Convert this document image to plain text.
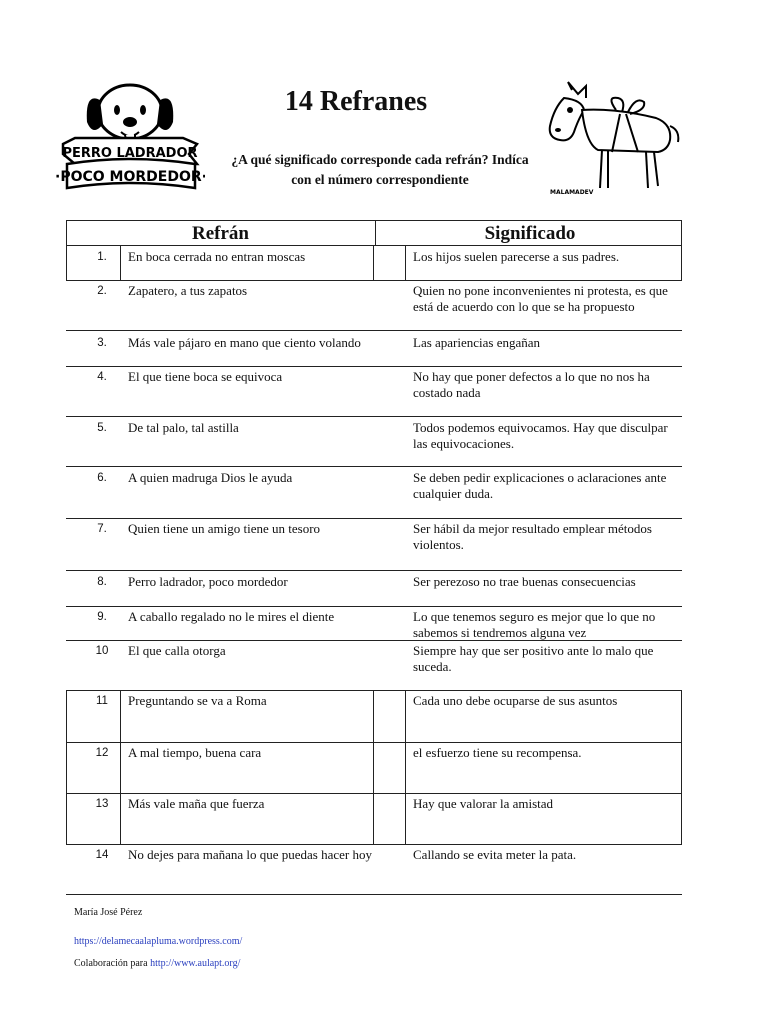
PERRO LADRADOR
·POCO MORDEDOR·
MALAMADEV
14 Refranes
¿A qué significado corresponde cada refrán? Indíca
con el número correspondiente
Refrán	Significado
1.	En boca cerrada no entran moscas	Los hijos suelen parecerse a sus padres.
2.	Zapatero, a tus zapatos	Quien no pone inconvenientes ni protesta, es que está de acuerdo con lo que se ha propuesto
3.	Más vale pájaro en mano que ciento volando	Las apariencias engañan
4.	El que tiene boca se equivoca	No hay que poner defectos a lo que no nos ha costado nada
5.	De tal palo, tal astilla	Todos podemos equivocamos. Hay que disculpar las equivocaciones.
6.	A quien madruga Dios le ayuda	Se deben pedir explicaciones o aclaraciones ante cualquier duda.
7.	Quien tiene un amigo tiene un tesoro	Ser hábil da mejor resultado emplear métodos violentos.
8.	Perro ladrador, poco mordedor	Ser perezoso no trae buenas consecuencias
9.	A caballo regalado no le mires el diente	Lo que tenemos seguro es mejor que lo que no sabemos si tendremos alguna vez
10	El que calla otorga	Siempre hay que ser positivo ante lo malo que suceda.
11	Preguntando se va a Roma	Cada uno debe ocuparse de sus asuntos
12	A mal tiempo, buena cara	el esfuerzo tiene su recompensa.
13	Más vale maña que fuerza	Hay que valorar la amistad
14	No dejes para mañana lo que puedas hacer hoy	Callando se evita meter la pata.
María José Pérez
https://delamecaalapluma.wordpress.com/
Colaboración para http://www.aulapt.org/
